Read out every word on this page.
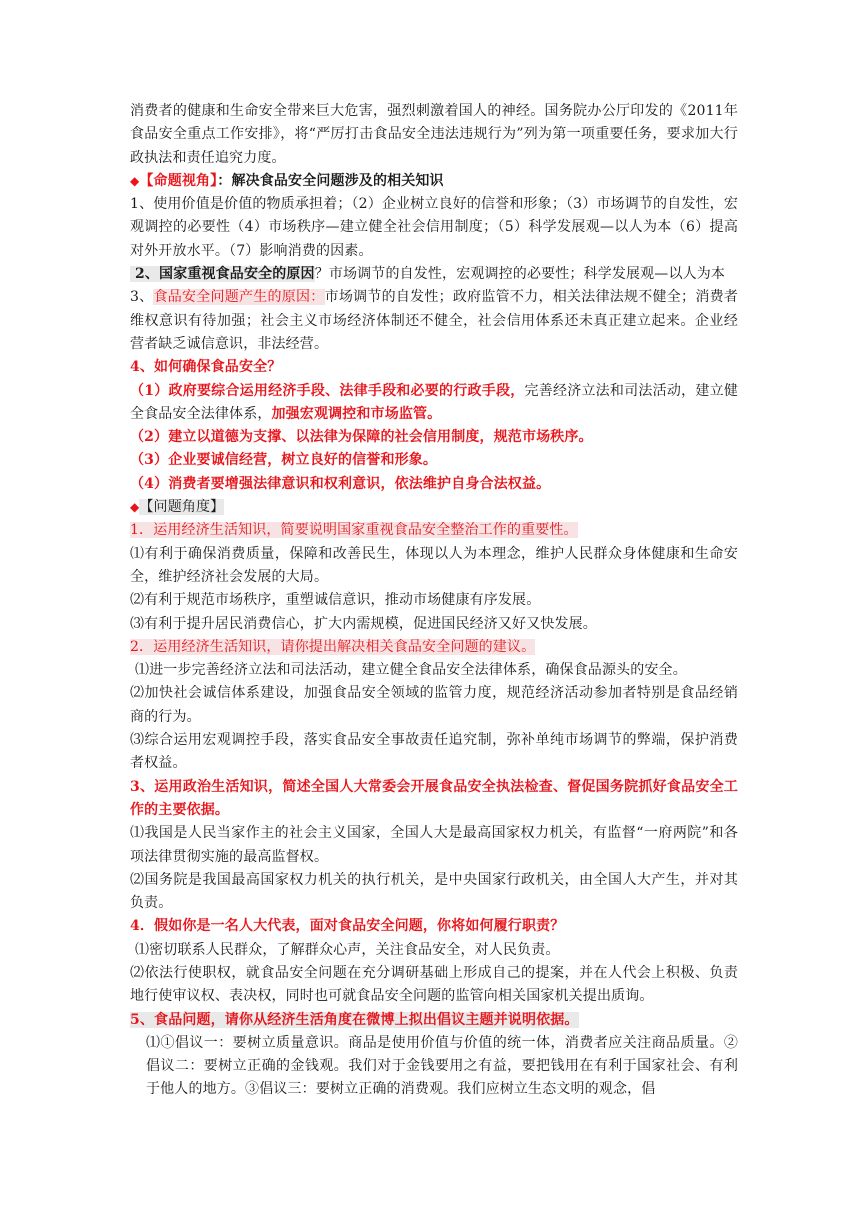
消费者的健康和生命安全带来巨大危害，强烈刺激着国人的神经。国务院办公厅印发的《2011年食品安全重点工作安排》，将“严厉打击食品安全违法违规行为”列为第一项重要任务，要求加大行政执法和责任追究力度。

◆【命题视角】：解决食品安全问题涉及的相关知识

1、使用价值是价值的物质承担着；（2）企业树立良好的信誉和形象；（3）市场调节的自发性，宏观调控的必要性（4）市场秩序—建立健全社会信用制度；（5）科学发展观—以人为本（6）提高对外开放水平。（7）影响消费的因素。

2、国家重视食品安全的原因？市场调节的自发性，宏观调控的必要性；科学发展观—以人为本

3、食品安全问题产生的原因：市场调节的自发性；政府监管不力，相关法律法规不健全；消费者维权意识有待加强；社会主义市场经济体制还不健全，社会信用体系还未真正建立起来。企业经营者缺乏诚信意识，非法经营。

4、如何确保食品安全？

（1）政府要综合运用经济手段、法律手段和必要的行政手段，完善经济立法和司法活动，建立健全食品安全法律体系，加强宏观调控和市场监管。

（2）建立以道德为支撑、以法律为保障的社会信用制度，规范市场秩序。

（3）企业要诚信经营，树立良好的信誉和形象。

（4）消费者要增强法律意识和权利意识，依法维护自身合法权益。

◆【问题角度】

1．运用经济生活知识，简要说明国家重视食品安全整治工作的重要性。

⑴有利于确保消费质量，保障和改善民生，体现以人为本理念，维护人民群众身体健康和生命安全，维护经济社会发展的大局。

⑵有利于规范市场秩序，重塑诚信意识，推动市场健康有序发展。

⑶有利于提升居民消费信心，扩大内需规模，促进国民经济又好又快发展。

2．运用经济生活知识，请你提出解决相关食品安全问题的建议。

⑴进一步完善经济立法和司法活动，建立健全食品安全法律体系，确保食品源头的安全。

⑵加快社会诚信体系建设，加强食品安全领域的监管力度，规范经济活动参加者特别是食品经销商的行为。

⑶综合运用宏观调控手段，落实食品安全事故责任追究制，弥补单纯市场调节的弊端，保护消费者权益。

3、运用政治生活知识，简述全国人大常委会开展食品安全执法检查、督促国务院抓好食品安全工作的主要依据。

⑴我国是人民当家作主的社会主义国家，全国人大是最高国家权力机关，有监督“一府两院”和各项法律贯彻实施的最高监督权。

⑵国务院是我国最高国家权力机关的执行机关，是中央国家行政机关，由全国人大产生，并对其负责。

4．假如你是一名人大代表，面对食品安全问题，你将如何履行职责？

⑴密切联系人民群众，了解群众心声，关注食品安全，对人民负责。

⑵依法行使职权，就食品安全问题在充分调研基础上形成自己的提案，并在人代会上积极、负责地行使审议权、表决权，同时也可就食品安全问题的监管向相关国家机关提出质询。

5、食品问题，请你从经济生活角度在微博上拟出倡议主题并说明依据。

⑴①倡议一：要树立质量意识。商品是使用价值与价值的统一体，消费者应关注商品质量。②倡议二：要树立正确的金钱观。我们对于金钱要用之有益，要把钱用在有利于国家社会、有利于他人的地方。③倡议三：要树立正确的消费观。我们应树立生态文明的观念，倡
